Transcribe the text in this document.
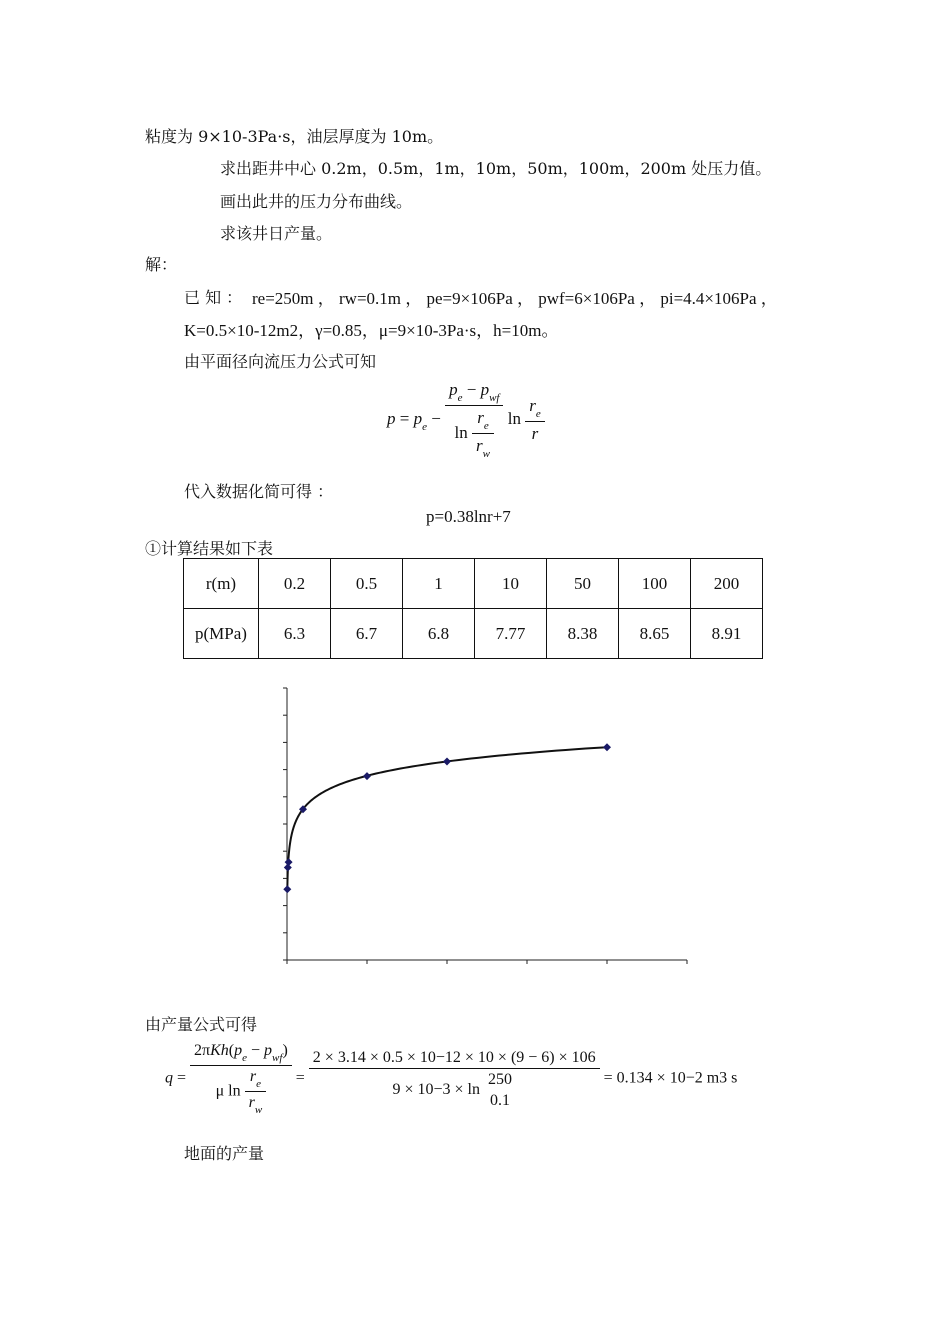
粘度为 9×10-3Pa·s，油层厚度为 10m。
求出距井中心 0.2m，0.5m，1m，10m，50m，100m，200m 处压力值。
画出此井的压力分布曲线。
求该井日产量。
解：
已 知 ： re=250m ， rw=0.1m ， pe=9×106Pa ， pwf=6×106Pa ， pi=4.4×106Pa ，
K=0.5×10-12m2，γ=0.85，μ=9×10-3Pa·s，h=10m。
由平面径向流压力公式可知
$p = p_e - \frac{p_e - p_{wf}}{\ln \frac{r_e}{r_w}}$ $\ln \frac{r_e}{r}$
代入数据化简可得 ：
p=0.38lnr+7
①计算结果如下表
r(m)	0.2	0.5	1	10	50	100	200
p(MPa)	6.3	6.7	6.8	7.77	8.38	8.65	8.91
由产量公式可得
$q = \frac{2\pi Kh(p_e - p_{wf})}{\mu \ln \frac{r_e}{r_w}} = 2 \times 3.14 \times 0.5 \times 10-12 \times 10 \times (9 - 6) \times 106$
9 × 10−3 × ln
250
0.1 = 0.134 × 10−2 m3 s
地面的产量
